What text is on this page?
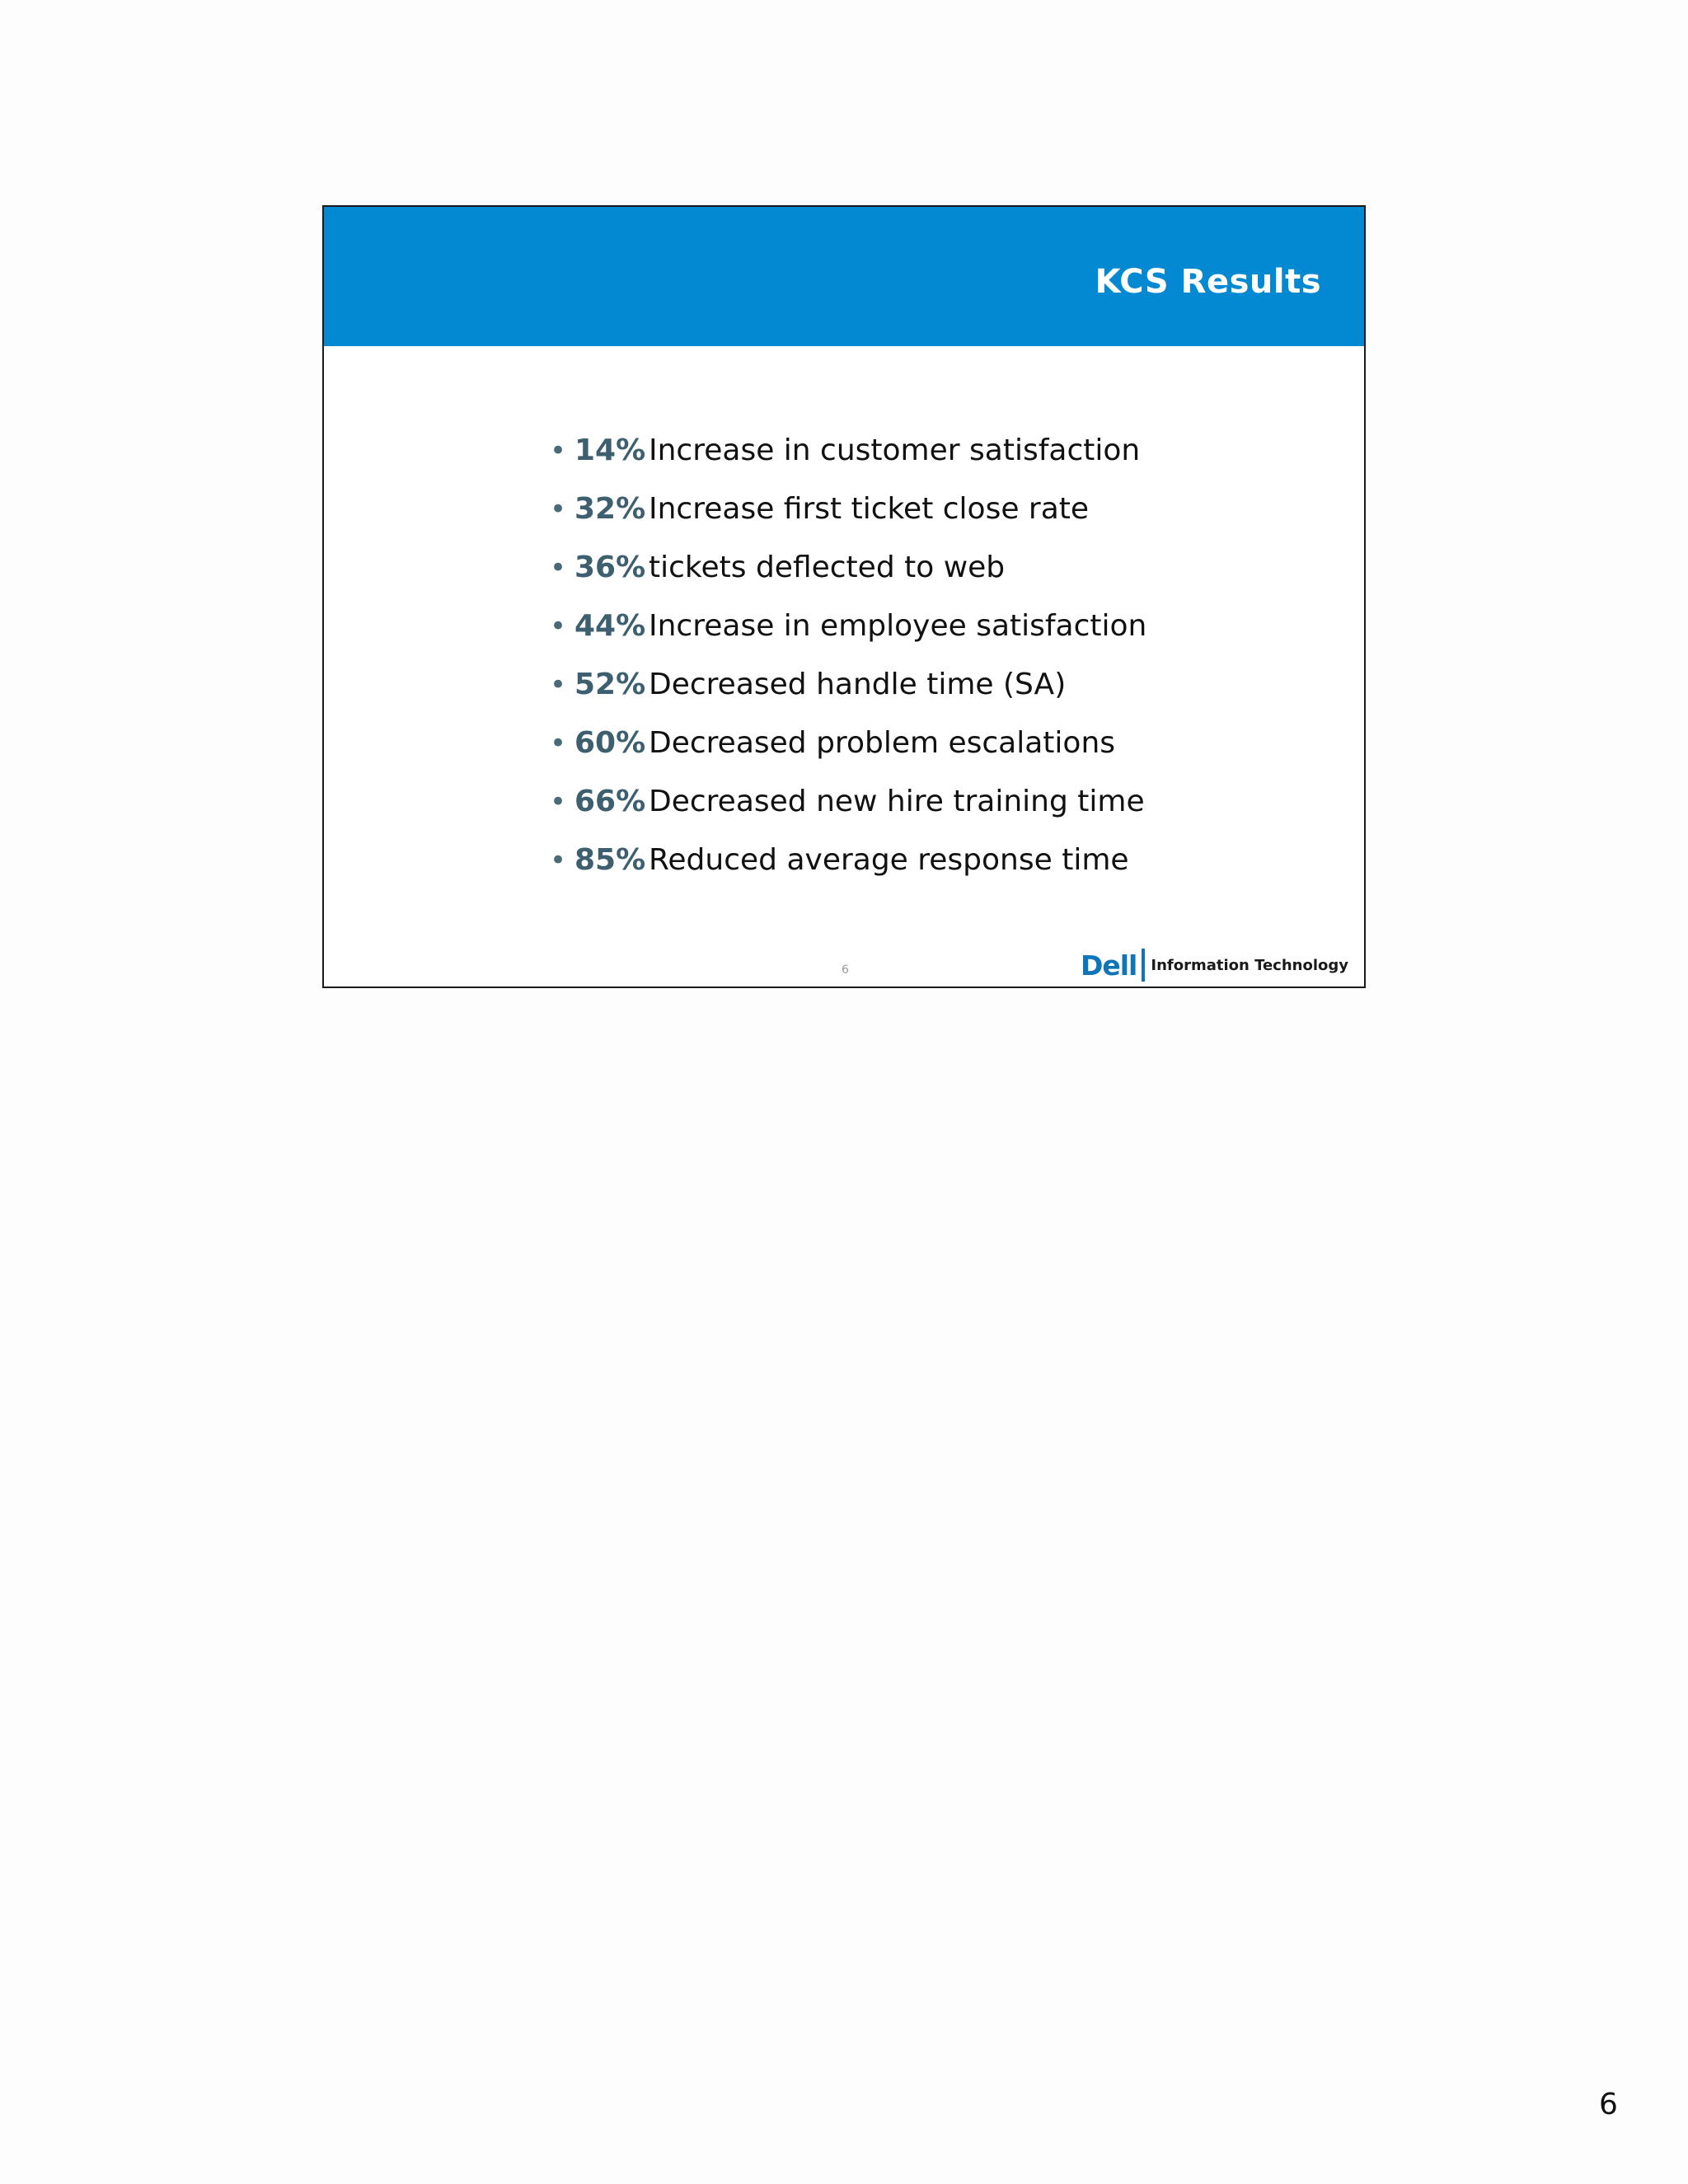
KCS Results
• 14% Increase in customer satisfaction
• 32% Increase first ticket close rate
• 36% tickets deflected to web
• 44% Increase in employee satisfaction
• 52% Decreased handle time (SA)
• 60% Decreased problem escalations
• 66% Decreased new hire training time
• 85% Reduced average response time
6	Dell Information Technology
6
